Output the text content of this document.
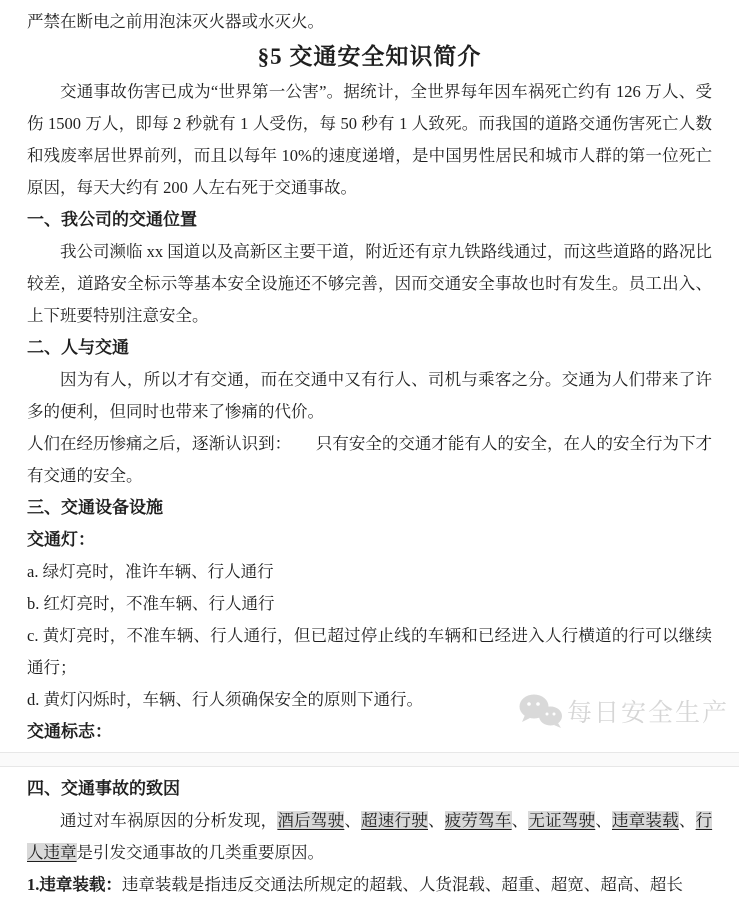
严禁在断电之前用泡沫灭火器或水灭火。
§5 交通安全知识简介

交通事故伤害已成为“世界第一公害”。据统计，全世界每年因车祸死亡约有 126 万人、受伤 1500 万人，即每 2 秒就有 1 人受伤，每 50 秒有 1 人致死。而我国的道路交通伤害死亡人数和残废率居世界前列，而且以每年 10%的速度递增，是中国男性居民和城市人群的第一位死亡原因，每天大约有 200 人左右死于交通事故。

一、我公司的交通位置

我公司濒临 xx 国道以及高新区主要干道，附近还有京九铁路线通过，而这些道路的路况比较差，道路安全标示等基本安全设施还不够完善，因而交通安全事故也时有发生。员工出入、上下班要特别注意安全。

二、人与交通

因为有人，所以才有交通，而在交通中又有行人、司机与乘客之分。交通为人们带来了许多的便利，但同时也带来了惨痛的代价。

人们在经历惨痛之后，逐渐认识到：　　只有安全的交通才能有人的安全，在人的安全行为下才有交通的安全。

三、交通设备设施
交通灯：
a. 绿灯亮时，准许车辆、行人通行
b. 红灯亮时，不准车辆、行人通行
c. 黄灯亮时，不准车辆、行人通行，但已超过停止线的车辆和已经进入人行横道的行可以继续通行；
d. 黄灯闪烁时，车辆、行人须确保安全的原则下通行。
交通标志：
四、交通事故的致因

通过对车祸原因的分析发现，酒后驾驶、超速行驶、疲劳驾车、无证驾驶、违章装载、行人违章是引发交通事故的几类重要原因。

1.违章装载：违章装载是指违反交通法所规定的超载、人货混载、超重、超宽、超高、超长

每日安全生产
